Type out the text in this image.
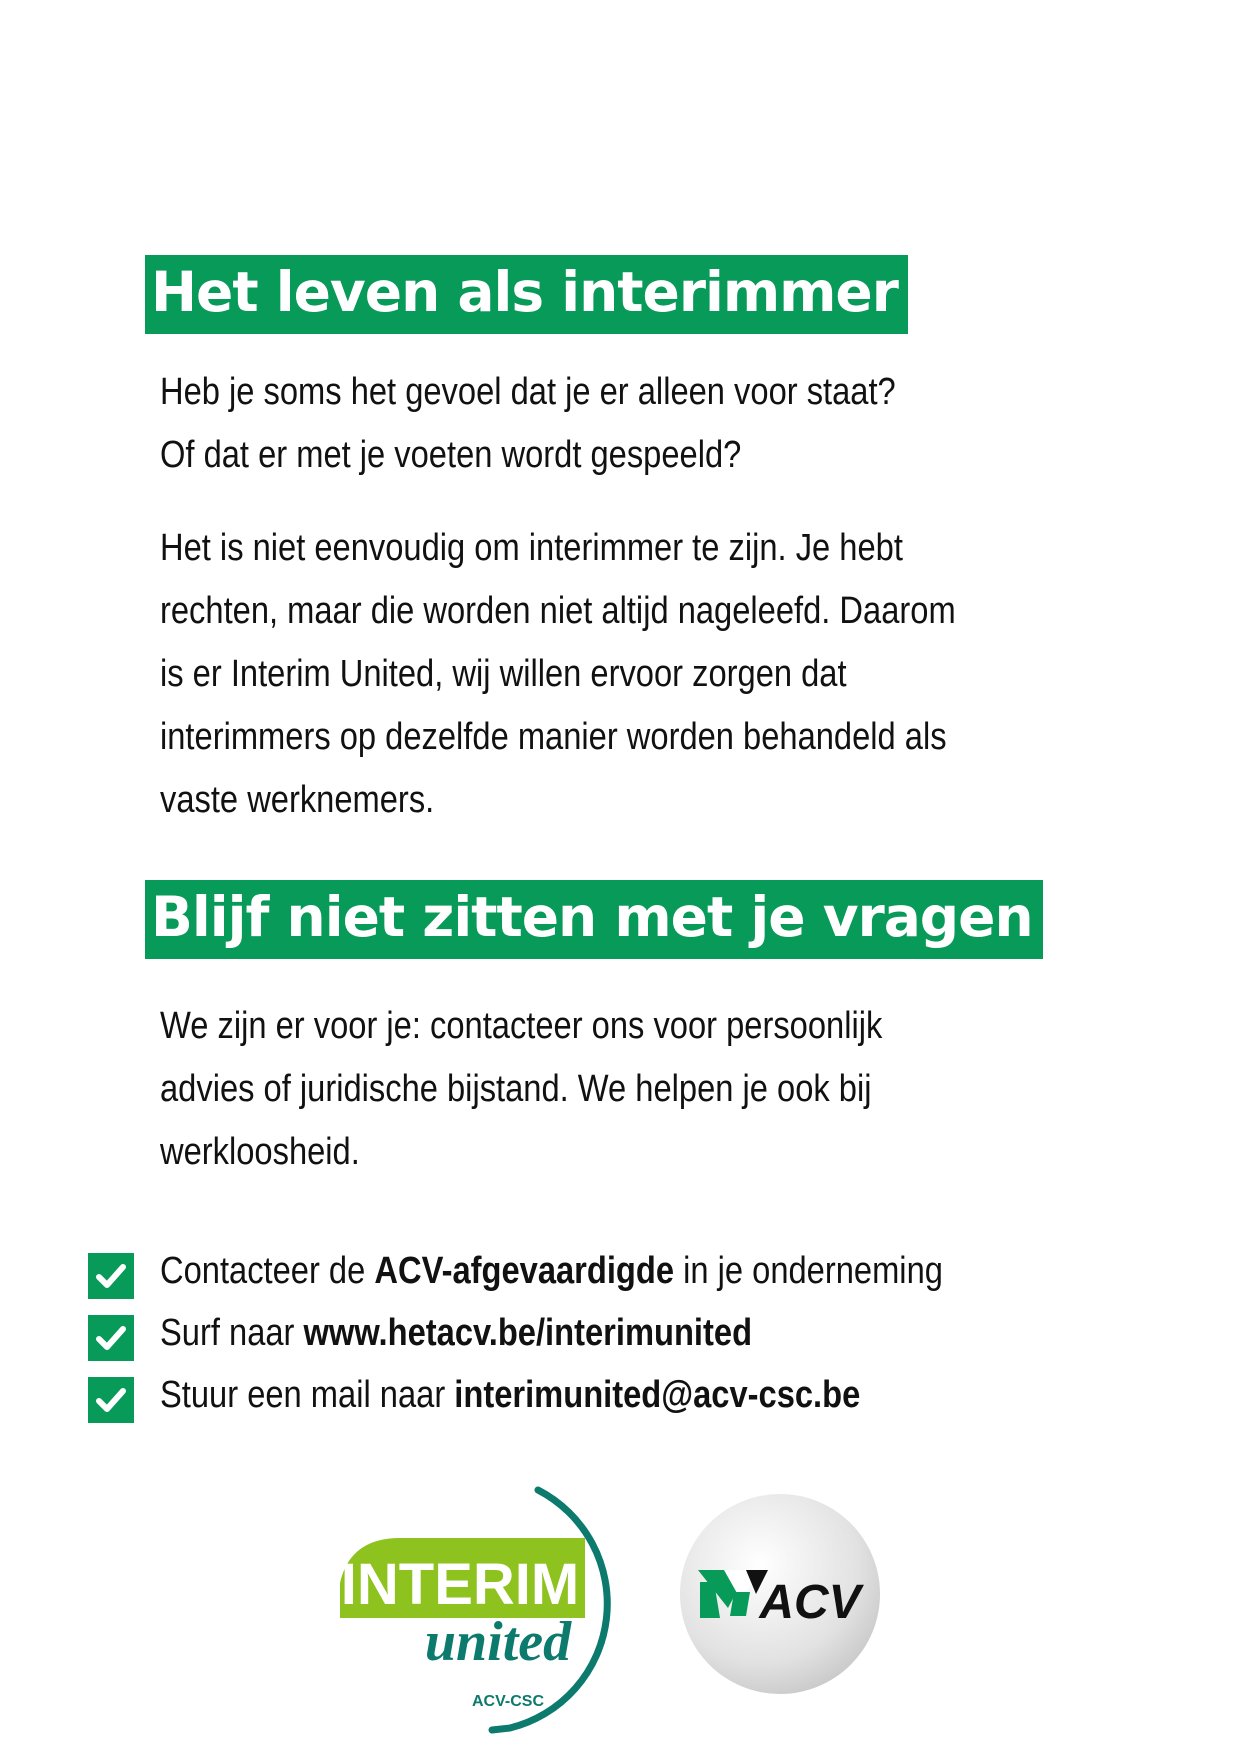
Het leven als interimmer

Heb je soms het gevoel dat je er alleen voor staat?
Of dat er met je voeten wordt gespeeld?

Het is niet eenvoudig om interimmer te zijn. Je hebt
rechten, maar die worden niet altijd nageleefd. Daarom
is er Interim United, wij willen ervoor zorgen dat
interimmers op dezelfde manier worden behandeld als
vaste werknemers.

Blijf niet zitten met je vragen

We zijn er voor je: contacteer ons voor persoonlijk
advies of juridische bijstand. We helpen je ook bij
werkloosheid.

Contacteer de ACV-afgevaardigde in je onderneming
Surf naar www.hetacv.be/interimunited
Stuur een mail naar interimunited@acv-csc.be
INTERIM
united
ACV-CSC
ACV
